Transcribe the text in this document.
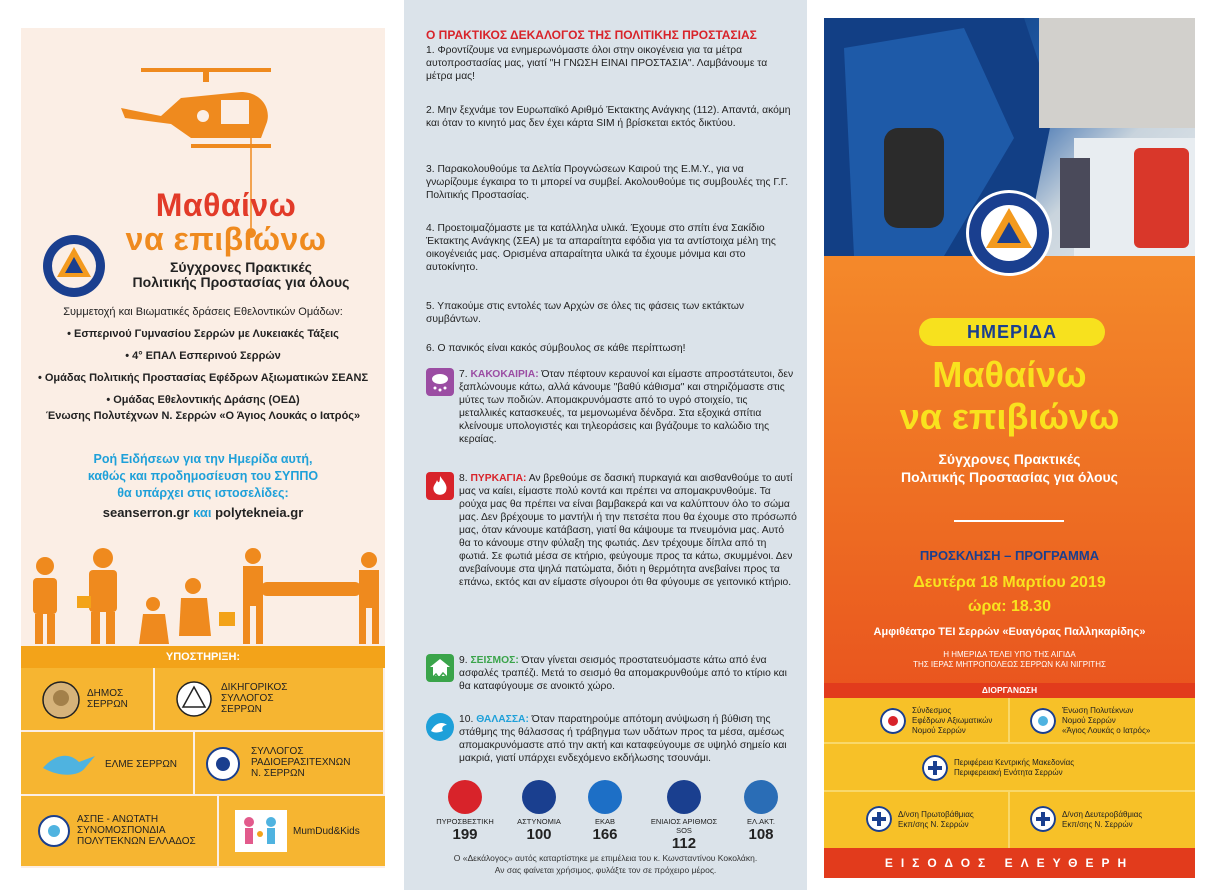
Μαθαίνω
να επιβιώνω
Σύγχρονες Πρακτικές
Πολιτικής Προστασίας για όλους
Συμμετοχή και Βιωματικές δράσεις Εθελοντικών Ομάδων:
• Εσπερινού Γυμνασίου Σερρών με Λυκειακές Τάξεις
• 4° ΕΠΑΛ Εσπερινού Σερρών
• Ομάδας Πολιτικής Προστασίας Εφέδρων Αξιωματικών ΣΕΑΝΣ
• Ομάδας Εθελοντικής Δράσης (ΟΕΔ)
Ένωσης Πολυτέχνων Ν. Σερρών «Ο Άγιος Λουκάς ο Ιατρός»
Ροή Ειδήσεων για την Ημερίδα αυτή,
καθώς και προδημοσίευση του ΣΥΠΠΟ
θα υπάρχει στις ιστοσελίδες:
seanserron.gr και polytekneia.gr
ΥΠΟΣΤΗΡΙΞΗ:
ΔΗΜΟΣ
ΣΕΡΡΩΝ
ΔΙΚΗΓΟΡΙΚΟΣ
ΣΥΛΛΟΓΟΣ
ΣΕΡΡΩΝ
ΕΛΜΕ ΣΕΡΡΩΝ
ΣΥΛΛΟΓΟΣ
ΡΑΔΙΟΕΡΑΣΙΤΕΧΝΩΝ
Ν. ΣΕΡΡΩΝ
ΑΣΠΕ - ΑΝΩΤΑΤΗ
ΣΥΝΟΜΟΣΠΟΝΔΙΑ
ΠΟΛΥΤΕΚΝΩΝ ΕΛΛΑΔΟΣ
MumDud&Kids
Ο ΠΡΑΚΤΙΚΟΣ ΔΕΚΑΛΟΓΟΣ ΤΗΣ ΠΟΛΙΤΙΚΗΣ ΠΡΟΣΤΑΣΙΑΣ

1. Φροντίζουμε να ενημερωνόμαστε όλοι στην οικογένεια για τα μέτρα αυτοπροστασίας μας, γιατί "Η ΓΝΩΣΗ ΕΙΝΑΙ ΠΡΟΣΤΑΣΙΑ". Λαμβάνουμε τα μέτρα μας!

2. Μην ξεχνάμε τον Ευρωπαϊκό Αριθμό Έκτακτης Ανάγκης (112). Απαντά, ακόμη και όταν το κινητό μας δεν έχει κάρτα SIM ή βρίσκεται εκτός δικτύου.

3. Παρακολουθούμε τα Δελτία Προγνώσεων Καιρού της Ε.Μ.Υ., για να γνωρίζουμε έγκαιρα το τι μπορεί να συμβεί. Ακολουθούμε τις συμβουλές της Γ.Γ. Πολιτικής Προστασίας.

4. Προετοιμαζόμαστε με τα κατάλληλα υλικά. Έχουμε στο σπίτι ένα Σακίδιο Έκτακτης Ανάγκης (ΣΕΑ) με τα απαραίτητα εφόδια για τα αντίστοιχα μέλη της οικογένειάς μας. Ορισμένα απαραίτητα υλικά τα έχουμε μόνιμα και στο αυτοκίνητο.

5. Υπακούμε στις εντολές των Αρχών σε όλες τις φάσεις των εκτάκτων συμβάντων.

6. Ο πανικός είναι κακός σύμβουλος σε κάθε περίπτωση!

7. ΚΑΚΟΚΑΙΡΙΑ: Όταν πέφτουν κεραυνοί και είμαστε απροστάτευτοι, δεν ξαπλώνουμε κάτω, αλλά κάνουμε "βαθύ κάθισμα" και στηριζόμαστε στις μύτες των ποδιών. Απομακρυνόμαστε από το υγρό στοιχείο, τις μεταλλικές κατασκευές, τα μεμονωμένα δένδρα. Στα εξοχικά σπίτια κλείνουμε υπολογιστές και τηλεοράσεις και βγάζουμε το καλώδιο της κεραίας.
8. ΠΥΡΚΑΓΙΑ: Αν βρεθούμε σε δασική πυρκαγιά και αισθανθούμε το αυτί μας να καίει, είμαστε πολύ κοντά και πρέπει να απομακρυνθούμε. Τα ρούχα μας θα πρέπει να είναι βαμβακερά και να καλύπτουν όλο το σώμα μας. Δεν βρέχουμε το μαντήλι ή την πετσέτα που θα έχουμε στο πρόσωπό μας, όταν κάνουμε κατάβαση, γιατί θα κάψουμε τα πνευμόνια μας. Αυτό θα το κάνουμε στην φύλαξη της φωτιάς. Δεν τρέχουμε δίπλα από τη φωτιά. Σε φωτιά μέσα σε κτήριο, φεύγουμε προς τα κάτω, σκυμμένοι. Δεν ανεβαίνουμε στα ψηλά πατώματα, διότι η θερμότητα ανεβαίνει προς τα επάνω, εκτός και αν είμαστε σίγουροι ότι θα φύγουμε σε γειτονικό κτήριο.
9. ΣΕΙΣΜΟΣ: Όταν γίνεται σεισμός προστατευόμαστε κάτω από ένα ασφαλές τραπέζι. Μετά το σεισμό θα απομακρυνθούμε από το κτίριο και θα καταφύγουμε σε ανοικτό χώρο.
10. ΘΑΛΑΣΣΑ: Όταν παρατηρούμε απότομη ανύψωση ή βύθιση της στάθμης της θάλασσας ή τράβηγμα των υδάτων προς τα μέσα, αμέσως απομακρυνόμαστε από την ακτή και καταφεύγουμε σε υψηλό σημείο και μακριά, γιατί υπάρχει ενδεχόμενο εκδήλωσης τσουνάμι.
ΠΥΡΟΣΒΕΣΤΙΚΗ
199
ΑΣΤΥΝΟΜΙΑ
100
ΕΚΑΒ
166
ΕΝΙΑΙΟΣ ΑΡΙΘΜΟΣ SOS
112
ΕΛ.ΑΚΤ.
108
Ο «Δεκάλογος» αυτός καταρτίστηκε με επιμέλεια του κ. Κωνσταντίνου Κοκολάκη.
Αν σας φαίνεται χρήσιμος, φυλάξτε τον σε πρόχειρο μέρος.
ΗΜΕΡΙΔΑ
Μαθαίνω
να επιβιώνω
Σύγχρονες Πρακτικές
Πολιτικής Προστασίας για όλους
ΠΡΟΣΚΛΗΣΗ – ΠΡΟΓΡΑΜΜΑ
Δευτέρα 18 Μαρτίου 2019
ώρα: 18.30
Αμφιθέατρο ΤΕΙ Σερρών «Ευαγόρας Παλληκαρίδης»
Η ΗΜΕΡΙΔΑ ΤΕΛΕΙ ΥΠΟ ΤΗΣ ΑΙΓΙΔΑ
ΤΗΣ ΙΕΡΑΣ ΜΗΤΡΟΠΟΛΕΩΣ ΣΕΡΡΩΝ ΚΑΙ ΝΙΓΡΙΤΗΣ
ΔΙΟΡΓΑΝΩΣΗ
Σύνδεσμος
Εφέδρων Αξιωματικών
Νομού Σερρών
Ένωση Πολυτέκνων
Νομού Σερρών
«Άγιος Λουκάς ο Ιατρός»
Περιφέρεια Κεντρικής Μακεδονίας
Περιφερειακή Ενότητα Σερρών
Δ/νση Πρωτοβάθμιας
Εκπ/σης Ν. Σερρών
Δ/νση Δευτεροβάθμιας
Εκπ/σης Ν. Σερρών
ΕΙΣΟΔΟΣ ΕΛΕΥΘΕΡΗ
